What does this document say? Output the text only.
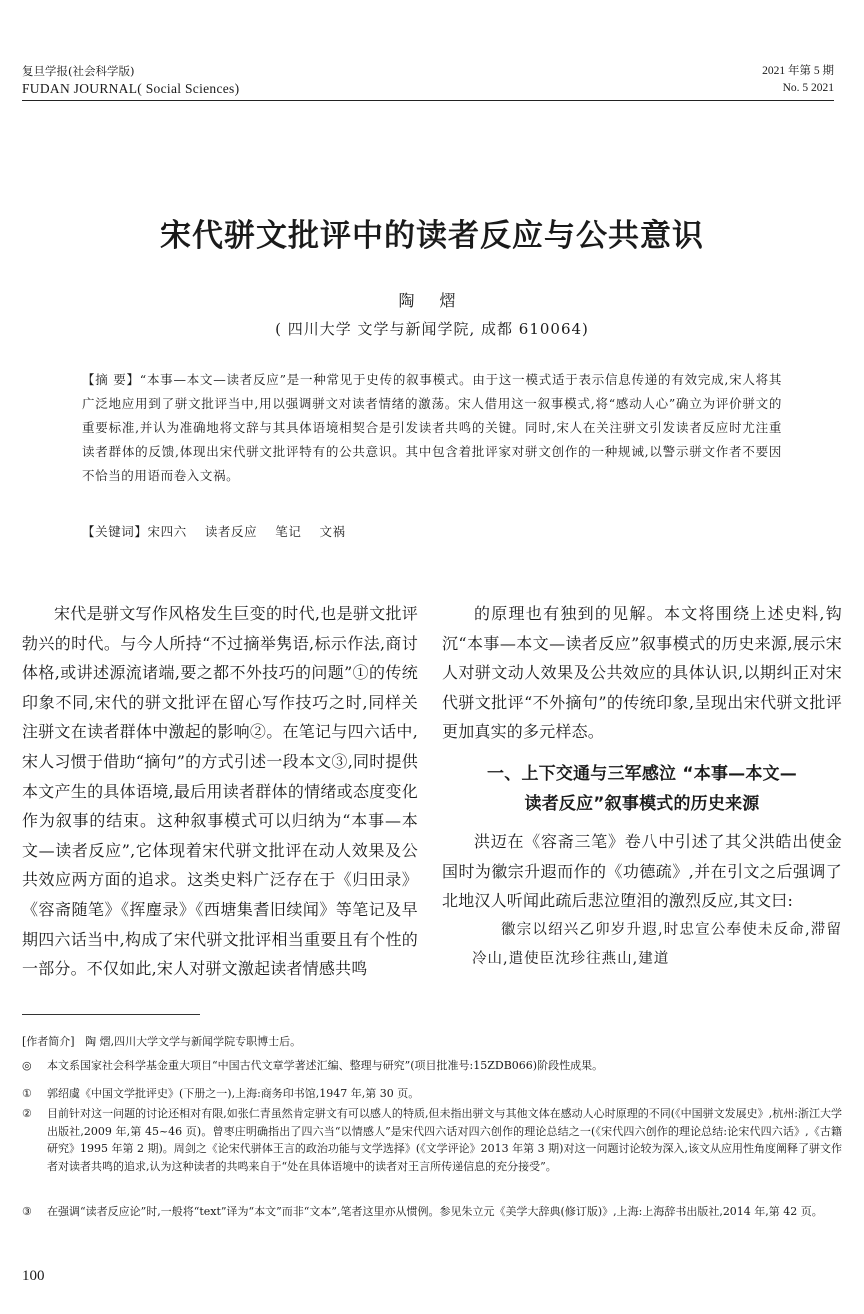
复旦学报(社会科学版)
FUDAN JOURNAL( Social Sciences)
2021 年第 5 期
No. 5 2021
宋代骈文批评中的读者反应与公共意识
陶 熠
( 四川大学 文学与新闻学院, 成都 610064)
【摘 要】“本事—本文—读者反应”是一种常见于史传的叙事模式。由于这一模式适于表示信息传递的有效完成,宋人将其广泛地应用到了骈文批评当中,用以强调骈文对读者情绪的激荡。宋人借用这一叙事模式,将“感动人心”确立为评价骈文的重要标准,并认为准确地将文辞与其具体语境相契合是引发读者共鸣的关键。同时,宋人在关注骈文引发读者反应时尤注重读者群体的反馈,体现出宋代骈文批评特有的公共意识。其中包含着批评家对骈文创作的一种规诫,以警示骈文作者不要因不恰当的用语而卷入文祸。
【关键词】宋四六 读者反应 笔记 文祸

宋代是骈文写作风格发生巨变的时代,也是骈文批评勃兴的时代。与今人所持“不过摘举隽语,标示作法,商讨体格,或讲述源流诸端,要之都不外技巧的问题”①的传统印象不同,宋代的骈文批评在留心写作技巧之时,同样关注骈文在读者群体中激起的影响②。在笔记与四六话中,宋人习惯于借助“摘句”的方式引述一段本文③,同时提供本文产生的具体语境,最后用读者群体的情绪或态度变化作为叙事的结束。这种叙事模式可以归纳为“本事—本文—读者反应”,它体现着宋代骈文批评在动人效果及公共效应两方面的追求。这类史料广泛存在于《归田录》《容斋随笔》《挥麈录》《西塘集耆旧续闻》等笔记及早期四六话当中,构成了宋代骈文批评相当重要且有个性的一部分。不仅如此,宋人对骈文激起读者情感共鸣

的原理也有独到的见解。本文将围绕上述史料,钩沉“本事—本文—读者反应”叙事模式的历史来源,展示宋人对骈文动人效果及公共效应的具体认识,以期纠正对宋代骈文批评“不外摘句”的传统印象,呈现出宋代骈文批评更加真实的多元样态。

一、上下交通与三军感泣 “本事—本文—
读者反应”叙事模式的历史来源

洪迈在《容斋三笔》卷八中引述了其父洪皓出使金国时为徽宗升遐而作的《功德疏》,并在引文之后强调了北地汉人听闻此疏后悲泣堕泪的激烈反应,其文曰:

徽宗以绍兴乙卯岁升遐,时忠宣公奉使未反命,滞留冷山,遣使臣沈珍往燕山,建道
[作者简介] 陶 熠,四川大学文学与新闻学院专职博士后。
◎ 本文系国家社会科学基金重大项目“中国古代文章学著述汇编、整理与研究”(项目批准号:15ZDB066)阶段性成果。
① 郭绍虞《中国文学批评史》(下册之一),上海:商务印书馆,1947 年,第 30 页。
② 目前针对这一问题的讨论还相对有限,如张仁青虽然肯定骈文有可以感人的特质,但未指出骈文与其他文体在感动人心时原理的不同(《中国骈文发展史》,杭州:浙江大学出版社,2009 年,第 45~46 页)。曾枣庄明确指出了四六当“以情感人”是宋代四六话对四六创作的理论总结之一(《宋代四六创作的理论总结:论宋代四六话》,《古籍研究》1995 年第 2 期)。周剑之《论宋代骈体王言的政治功能与文学选择》(《文学评论》2013 年第 3 期)对这一问题讨论较为深入,该文从应用性角度阐释了骈文作者对读者共鸣的追求,认为这种读者的共鸣来自于“处在具体语境中的读者对王言所传递信息的充分接受”。
③ 在强调“读者反应论”时,一般将“text”译为“本文”而非“文本”,笔者这里亦从惯例。参见朱立元《美学大辞典(修订版)》,上海:上海辞书出版社,2014 年,第 42 页。
100
